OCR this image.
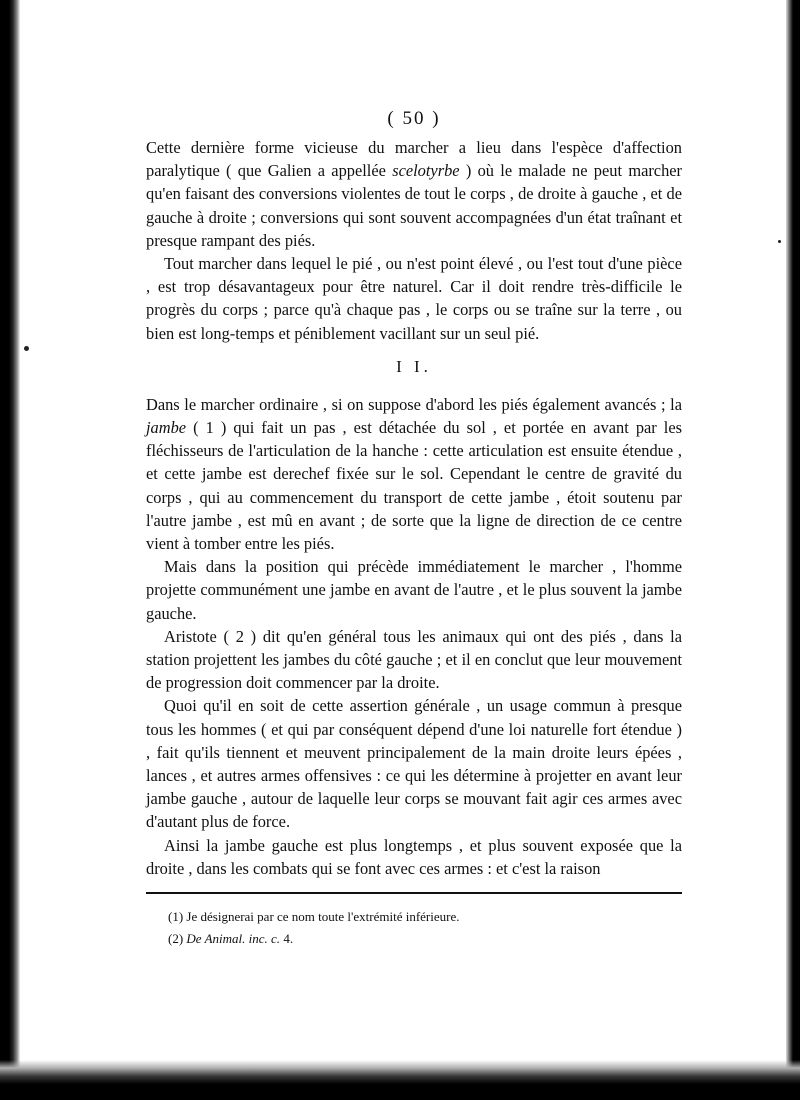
( 50 )

Cette dernière forme vicieuse du marcher a lieu dans l'espèce d'affection paralytique ( que Galien a appellée scelotyrbe ) où le malade ne peut marcher qu'en faisant des conversions violentes de tout le corps , de droite à gauche , et de gauche à droite ; conversions qui sont souvent accompagnées d'un état traînant et presque rampant des piés.

Tout marcher dans lequel le pié , ou n'est point élevé , ou l'est tout d'une pièce , est trop désavantageux pour être naturel. Car il doit rendre très-difficile le progrès du corps ; parce qu'à chaque pas , le corps ou se traîne sur la terre , ou bien est long-temps et péniblement vacillant sur un seul pié.

I I.

Dans le marcher ordinaire , si on suppose d'abord les piés également avancés ; la jambe ( 1 ) qui fait un pas , est détachée du sol , et portée en avant par les fléchisseurs de l'articulation de la hanche : cette articulation est ensuite étendue , et cette jambe est derechef fixée sur le sol. Cependant le centre de gravité du corps , qui au commencement du transport de cette jambe , étoit soutenu par l'autre jambe , est mû en avant ; de sorte que la ligne de direction de ce centre vient à tomber entre les piés.

Mais dans la position qui précède immédiatement le marcher , l'homme projette communément une jambe en avant de l'autre , et le plus souvent la jambe gauche.

Aristote ( 2 ) dit qu'en général tous les animaux qui ont des piés , dans la station projettent les jambes du côté gauche ; et il en conclut que leur mouvement de progression doit commencer par la droite.

Quoi qu'il en soit de cette assertion générale , un usage commun à presque tous les hommes ( et qui par conséquent dépend d'une loi naturelle fort étendue ) , fait qu'ils tiennent et meuvent principalement de la main droite leurs épées , lances , et autres armes offensives : ce qui les détermine à projetter en avant leur jambe gauche , autour de laquelle leur corps se mouvant fait agir ces armes avec d'autant plus de force.

Ainsi la jambe gauche est plus longtemps , et plus souvent exposée que la droite , dans les combats qui se font avec ces armes : et c'est la raison

(1) Je désignerai par ce nom toute l'extrémité inférieure.

(2) De Animal. inc. c. 4.
